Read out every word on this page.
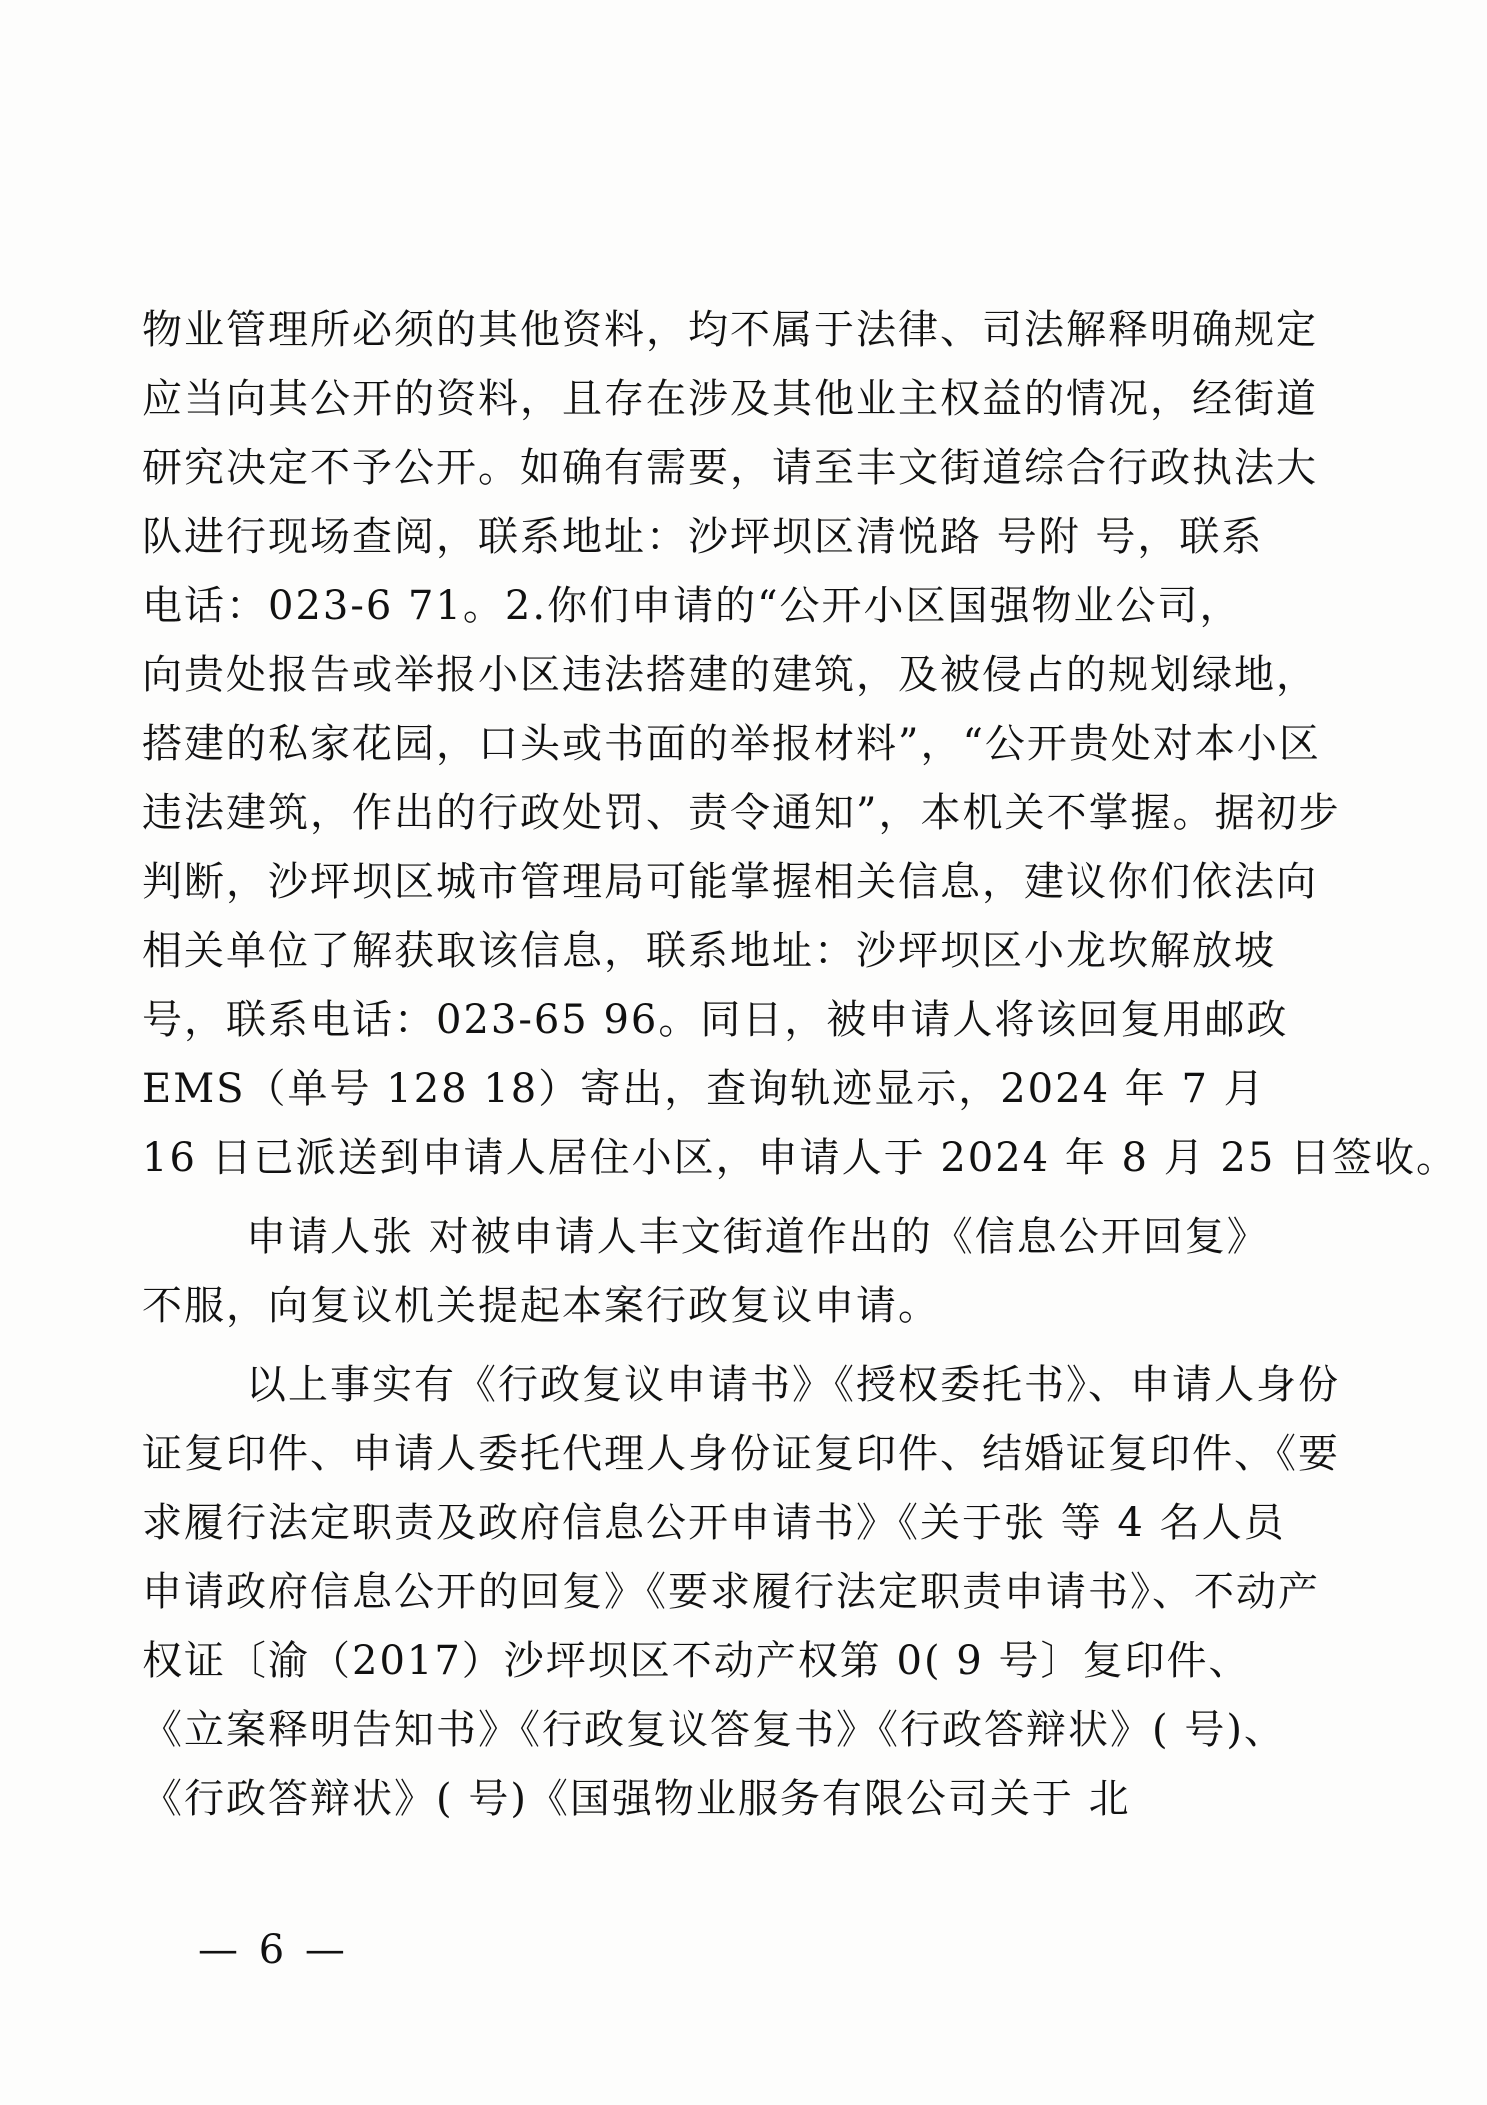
物业管理所必须的其他资料，均不属于法律、司法解释明确规定
应当向其公开的资料，且存在涉及其他业主权益的情况，经街道
研究决定不予公开。如确有需要，请至丰文街道综合行政执法大
队进行现场查阅，联系地址：沙坪坝区清悦路 号附 号，联系
电话：023-6 71。2.你们申请的“公开小区国强物业公司，
向贵处报告或举报小区违法搭建的建筑，及被侵占的规划绿地，
搭建的私家花园，口头或书面的举报材料”，“公开贵处对本小区
违法建筑，作出的行政处罚、责令通知”，本机关不掌握。据初步
判断，沙坪坝区城市管理局可能掌握相关信息，建议你们依法向
相关单位了解获取该信息，联系地址：沙坪坝区小龙坎解放坡
号，联系电话：023-65 96。同日，被申请人将该回复用邮政
EMS（单号 128 18）寄出，查询轨迹显示，2024 年 7 月
16 日已派送到申请人居住小区，申请人于 2024 年 8 月 25 日签收。
申请人张 对被申请人丰文街道作出的《信息公开回复》
不服，向复议机关提起本案行政复议申请。
以上事实有《行政复议申请书》《授权委托书》、申请人身份
证复印件、申请人委托代理人身份证复印件、结婚证复印件、《要
求履行法定职责及政府信息公开申请书》《关于张 等 4 名人员
申请政府信息公开的回复》《要求履行法定职责申请书》、不动产
权证〔渝（2017）沙坪坝区不动产权第 0( 9 号〕复印件、
《立案释明告知书》《行政复议答复书》《行政答辩状》( 号)、
《行政答辩状》( 号)《国强物业服务有限公司关于 北
— 6 —
